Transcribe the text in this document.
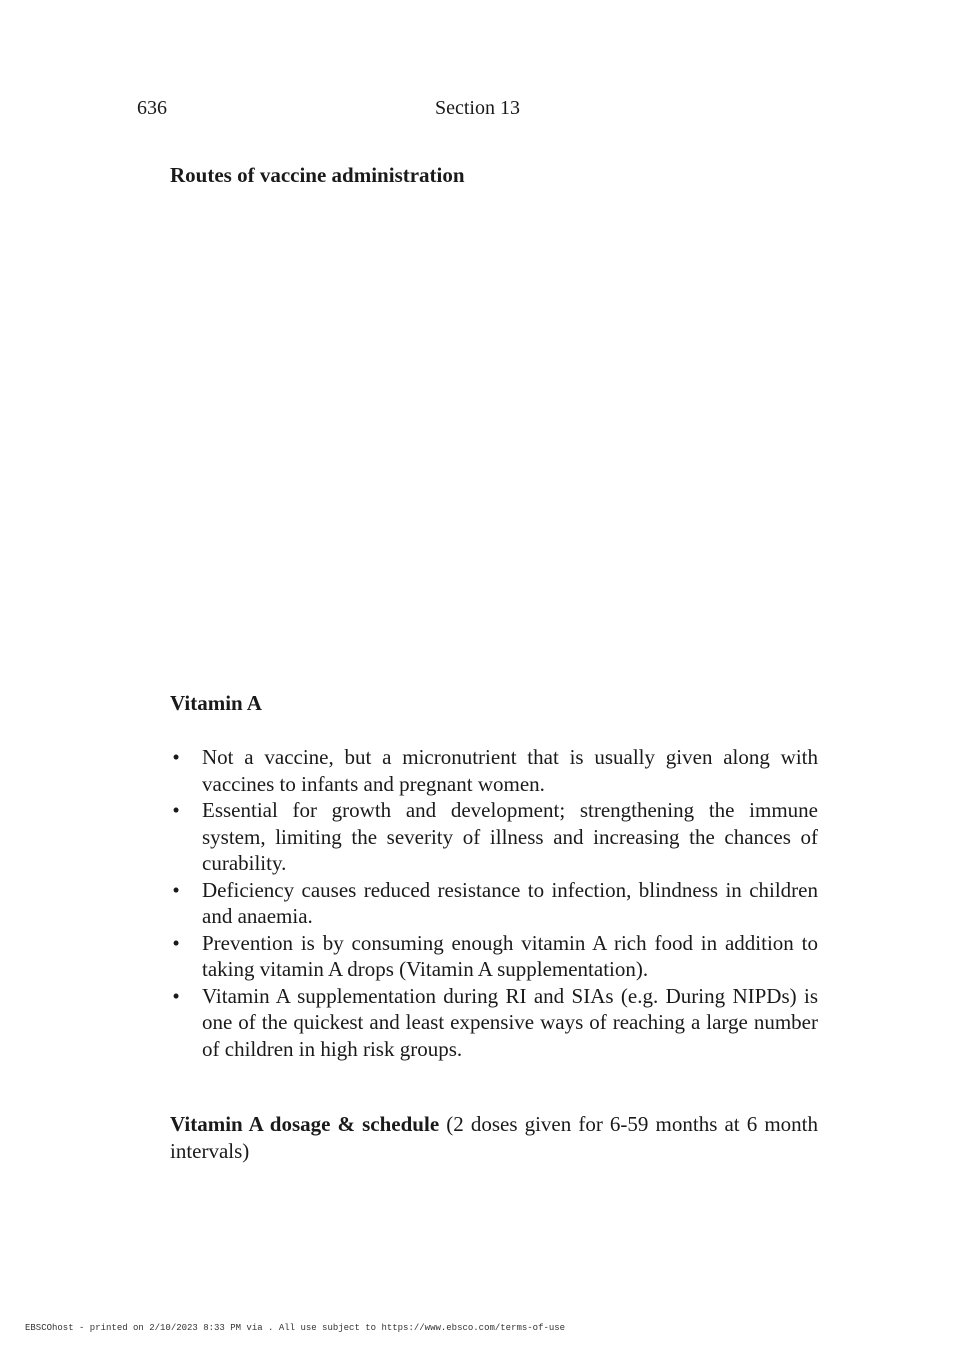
636	Section 13
Routes of vaccine administration
Vitamin A
• Not a vaccine, but a micronutrient that is usually given along with vaccines to infants and pregnant women.
• Essential for growth and development; strengthening the immune system, limiting the severity of illness and increasing the chances of curability.
• Deficiency causes reduced resistance to infection, blindness in children and anaemia.
• Prevention is by consuming enough vitamin A rich food in addition to taking vitamin A drops (Vitamin A supplementation).
• Vitamin A supplementation during RI and SIAs (e.g. During NIPDs) is one of the quickest and least expensive ways of reaching a large number of children in high risk groups.

Vitamin A dosage & schedule (2 doses given for 6-59 months at 6 month intervals)

EBSCOhost - printed on 2/10/2023 8:33 PM via . All use subject to https://www.ebsco.com/terms-of-use
